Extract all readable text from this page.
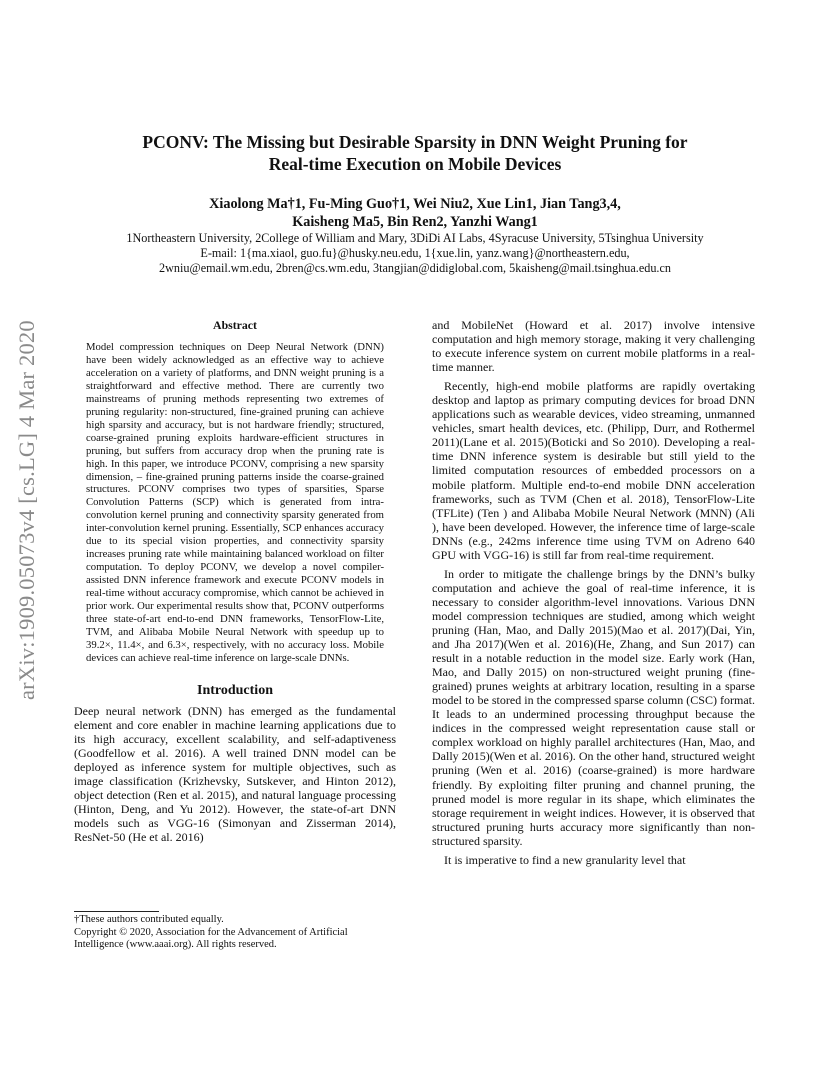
arXiv:1909.05073v4 [cs.LG] 4 Mar 2020
PCONV: The Missing but Desirable Sparsity in DNN Weight Pruning for
Real-time Execution on Mobile Devices
Xiaolong Ma†1, Fu-Ming Guo†1, Wei Niu2, Xue Lin1, Jian Tang3,4,
Kaisheng Ma5, Bin Ren2, Yanzhi Wang1
1Northeastern University, 2College of William and Mary, 3DiDi AI Labs, 4Syracuse University, 5Tsinghua University
E-mail: 1{ma.xiaol, guo.fu}@husky.neu.edu, 1{xue.lin, yanz.wang}@northeastern.edu,
2wniu@email.wm.edu, 2bren@cs.wm.edu, 3tangjian@didiglobal.com, 5kaisheng@mail.tsinghua.edu.cn
Abstract

Model compression techniques on Deep Neural Network (DNN) have been widely acknowledged as an effective way to achieve acceleration on a variety of platforms, and DNN weight pruning is a straightforward and effective method. There are currently two mainstreams of pruning methods representing two extremes of pruning regularity: non-structured, fine-grained pruning can achieve high sparsity and accuracy, but is not hardware friendly; structured, coarse-grained pruning exploits hardware-efficient structures in pruning, but suffers from accuracy drop when the pruning rate is high. In this paper, we introduce PCONV, comprising a new sparsity dimension, – fine-grained pruning patterns inside the coarse-grained structures. PCONV comprises two types of sparsities, Sparse Convolution Patterns (SCP) which is generated from intra-convolution kernel pruning and connectivity sparsity generated from inter-convolution kernel pruning. Essentially, SCP enhances accuracy due to its special vision properties, and connectivity sparsity increases pruning rate while maintaining balanced workload on filter computation. To deploy PCONV, we develop a novel compiler-assisted DNN inference framework and execute PCONV models in real-time without accuracy compromise, which cannot be achieved in prior work. Our experimental results show that, PCONV outperforms three state-of-art end-to-end DNN frameworks, TensorFlow-Lite, TVM, and Alibaba Mobile Neural Network with speedup up to 39.2×, 11.4×, and 6.3×, respectively, with no accuracy loss. Mobile devices can achieve real-time inference on large-scale DNNs.

Introduction

Deep neural network (DNN) has emerged as the fundamental element and core enabler in machine learning applications due to its high accuracy, excellent scalability, and self-adaptiveness (Goodfellow et al. 2016). A well trained DNN model can be deployed as inference system for multiple objectives, such as image classification (Krizhevsky, Sutskever, and Hinton 2012), object detection (Ren et al. 2015), and natural language processing (Hinton, Deng, and Yu 2012). However, the state-of-art DNN models such as VGG-16 (Simonyan and Zisserman 2014), ResNet-50 (He et al. 2016)

†These authors contributed equally.

Copyright © 2020, Association for the Advancement of Artificial Intelligence (www.aaai.org). All rights reserved.

and MobileNet (Howard et al. 2017) involve intensive computation and high memory storage, making it very challenging to execute inference system on current mobile platforms in a real-time manner.

Recently, high-end mobile platforms are rapidly overtaking desktop and laptop as primary computing devices for broad DNN applications such as wearable devices, video streaming, unmanned vehicles, smart health devices, etc. (Philipp, Durr, and Rothermel 2011)(Lane et al. 2015)(Boticki and So 2010). Developing a real-time DNN inference system is desirable but still yield to the limited computation resources of embedded processors on a mobile platform. Multiple end-to-end mobile DNN acceleration frameworks, such as TVM (Chen et al. 2018), TensorFlow-Lite (TFLite) (Ten ) and Alibaba Mobile Neural Network (MNN) (Ali ), have been developed. However, the inference time of large-scale DNNs (e.g., 242ms inference time using TVM on Adreno 640 GPU with VGG-16) is still far from real-time requirement.

In order to mitigate the challenge brings by the DNN’s bulky computation and achieve the goal of real-time inference, it is necessary to consider algorithm-level innovations. Various DNN model compression techniques are studied, among which weight pruning (Han, Mao, and Dally 2015)(Mao et al. 2017)(Dai, Yin, and Jha 2017)(Wen et al. 2016)(He, Zhang, and Sun 2017) can result in a notable reduction in the model size. Early work (Han, Mao, and Dally 2015) on non-structured weight pruning (fine-grained) prunes weights at arbitrary location, resulting in a sparse model to be stored in the compressed sparse column (CSC) format. It leads to an undermined processing throughput because the indices in the compressed weight representation cause stall or complex workload on highly parallel architectures (Han, Mao, and Dally 2015)(Wen et al. 2016). On the other hand, structured weight pruning (Wen et al. 2016) (coarse-grained) is more hardware friendly. By exploiting filter pruning and channel pruning, the pruned model is more regular in its shape, which eliminates the storage requirement in weight indices. However, it is observed that structured pruning hurts accuracy more significantly than non-structured sparsity.

It is imperative to find a new granularity level that
